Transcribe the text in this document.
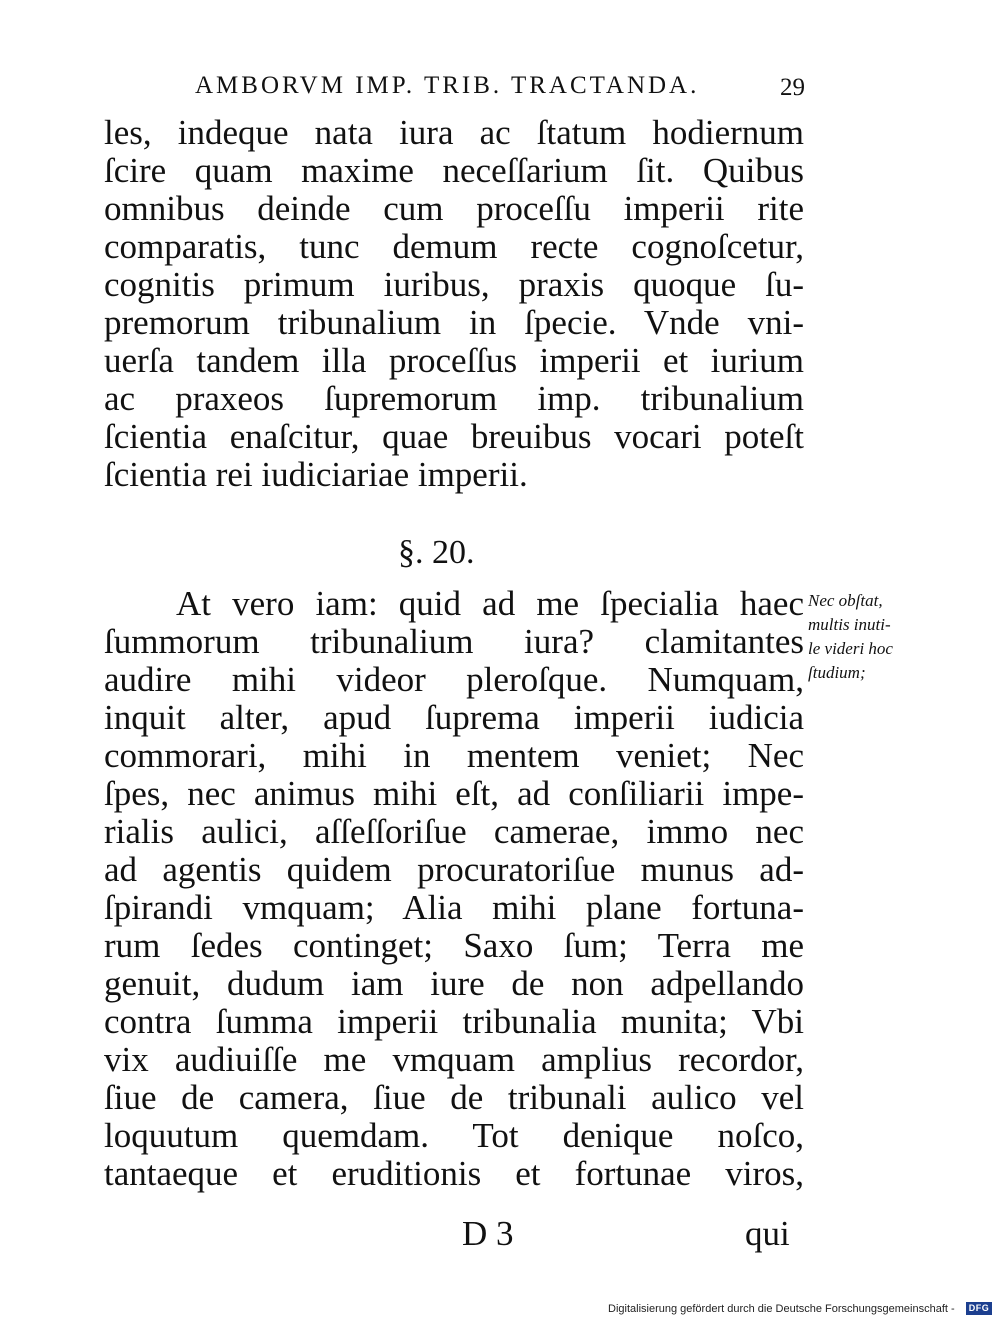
AMBORVM IMP. TRIB. TRACTANDA.	29
les, indeque nata iura ac ſtatum hodiernum
ſcire quam maxime neceſſarium ſit. Quibus
omnibus deinde cum proceſſu imperii rite
comparatis, tunc demum recte cognoſcetur,
cognitis primum iuribus, praxis quoque ſu-
premorum tribunalium in ſpecie. Vnde vni-
uerſa tandem illa proceſſus imperii et iurium
ac praxeos ſupremorum imp. tribunalium
ſcientia enaſcitur, quae breuibus vocari poteſt
ſcientia rei iudiciariae imperii.
§. 20.
At vero iam: quid ad me ſpecialia haec
ſummorum tribunalium iura? clamitantes
audire mihi videor pleroſque. Numquam,
inquit alter, apud ſuprema imperii iudicia
commorari, mihi in mentem veniet; Nec
ſpes, nec animus mihi eſt, ad conſiliarii impe-
rialis aulici, aſſeſſoriſue camerae, immo nec
ad agentis quidem procuratoriſue munus ad-
ſpirandi vmquam; Alia mihi plane fortuna-
rum ſedes continget; Saxo ſum; Terra me
genuit, dudum iam iure de non adpellando
contra ſumma imperii tribunalia munita; Vbi
vix audiuiſſe me vmquam amplius recordor,
ſiue de camera, ſiue de tribunali aulico vel
loquutum quemdam. Tot denique noſco,
tantaeque et eruditionis et fortunae viros,
Nec obſtat,
multis inuti-
le videri hoc
ſtudium;
D 3	qui
Digitalisierung gefördert durch die Deutsche Forschungsgemeinschaft -	DFG
